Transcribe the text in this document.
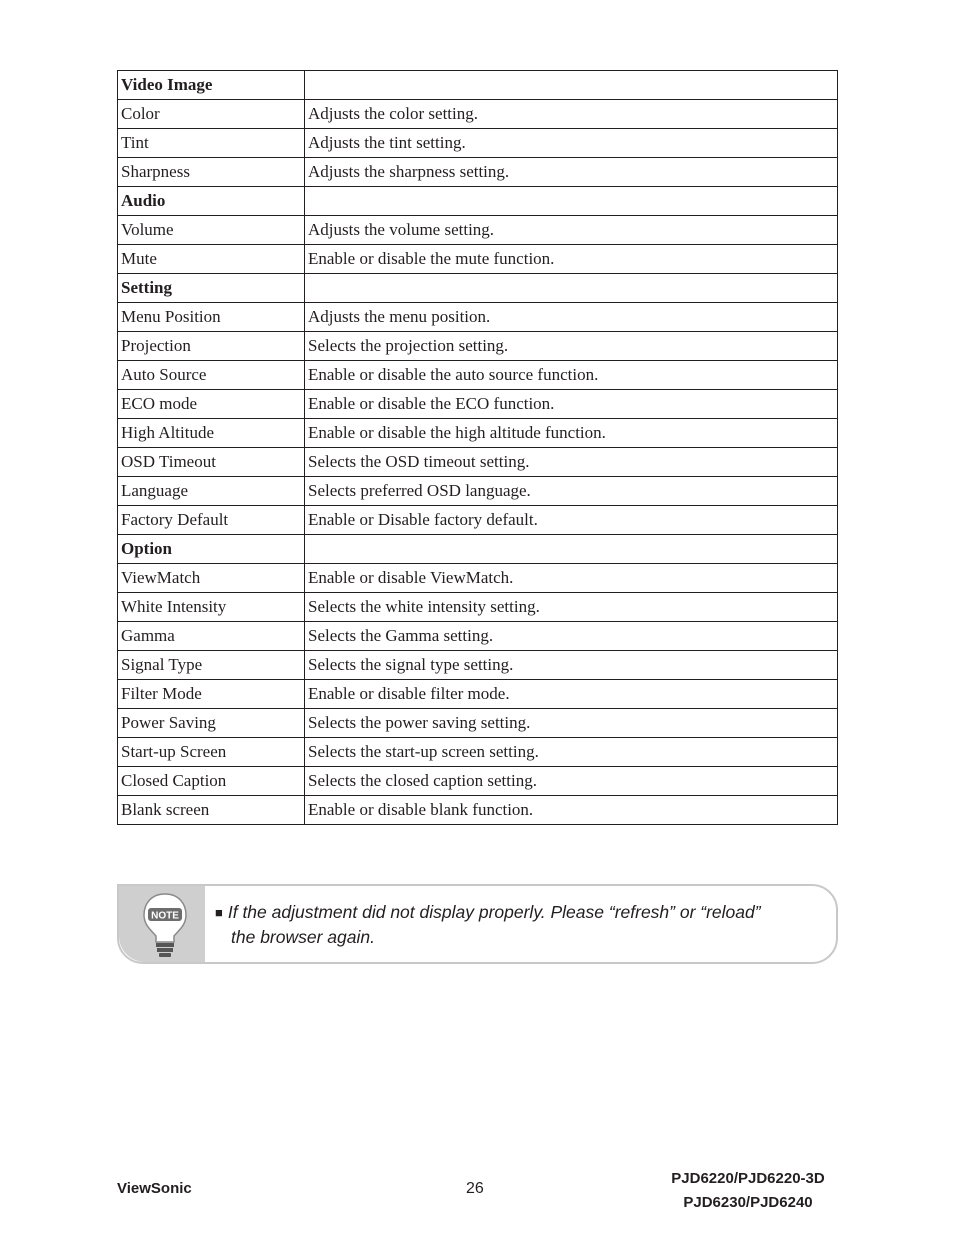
Video Image	
Color	Adjusts the color setting.
Tint	Adjusts the tint setting.
Sharpness	Adjusts the sharpness setting.
Audio	
Volume	Adjusts the volume setting.
Mute	Enable or disable the mute function.
Setting	
Menu Position	Adjusts the menu position.
Projection	Selects the projection setting.
Auto Source	Enable or disable the auto source function.
ECO mode	Enable or disable the ECO function.
High Altitude	Enable or disable the high altitude function.
OSD Timeout	Selects the OSD timeout setting.
Language	Selects preferred OSD language.
Factory Default	Enable or Disable factory default.
Option	
ViewMatch	Enable or disable ViewMatch.
White Intensity	Selects the white intensity setting.
Gamma	Selects the Gamma setting.
Signal Type	Selects the signal type setting.
Filter Mode	Enable or disable filter mode.
Power Saving	Selects the power saving setting.
Start-up Screen	Selects the start-up screen setting.
Closed Caption	Selects the closed caption setting.
Blank screen	Enable or disable blank function.
NOTE	■ If the adjustment did not display properly. Please “refresh” or “reload”
the browser again.
ViewSonic	26
PJD6220/PJD6220-3D
PJD6230/PJD6240
